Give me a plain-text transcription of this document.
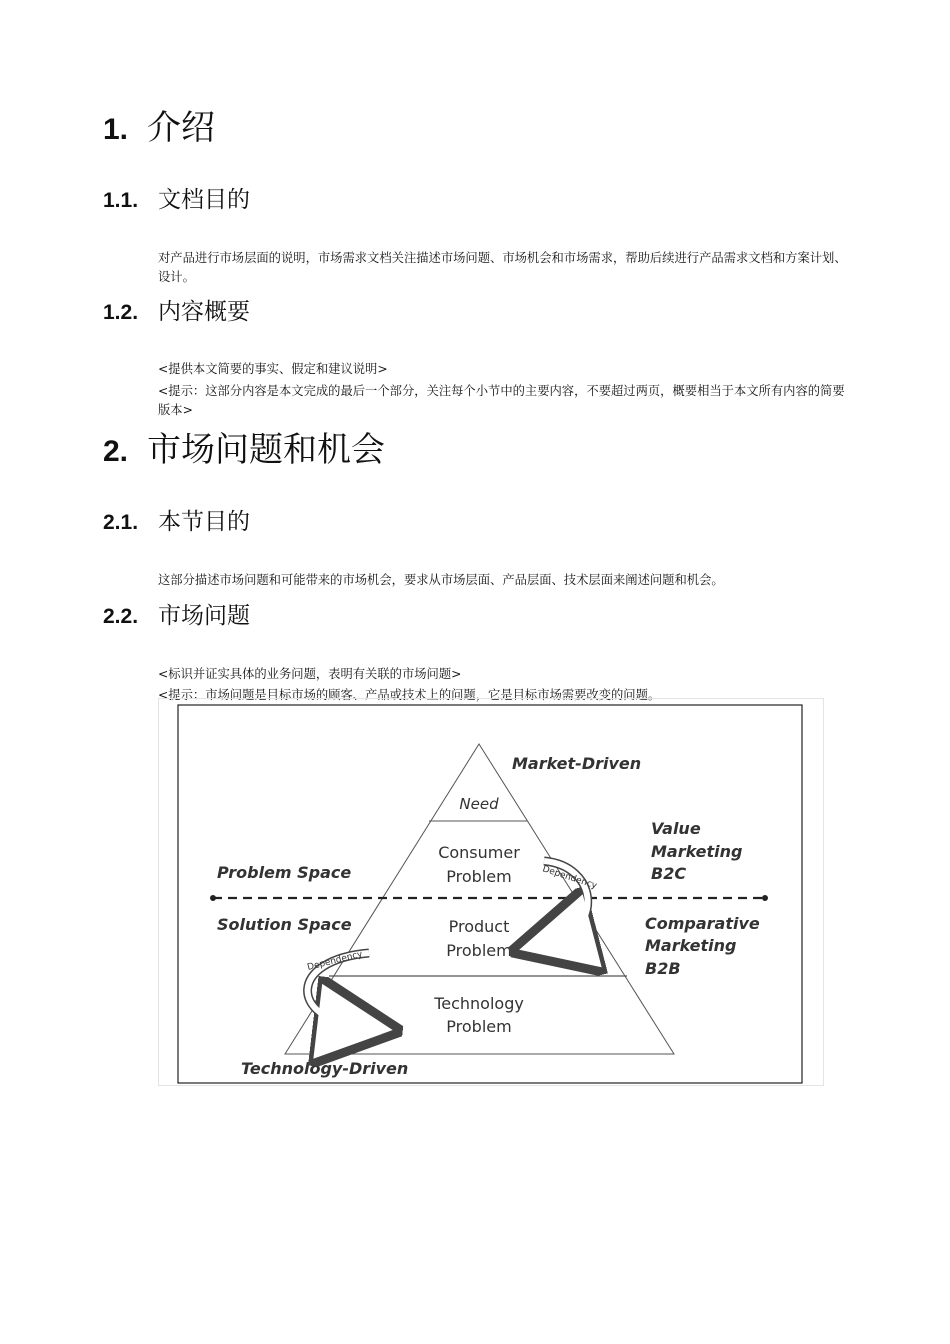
1. 介绍
1.1. 文档目的

对产品进行市场层面的说明，市场需求文档关注描述市场问题、市场机会和市场需求，帮助后续进行产品需求文档和方案计划、设计。

1.2. 内容概要

<提供本文简要的事实、假定和建议说明>

<提示：这部分内容是本文完成的最后一个部分，关注每个小节中的主要内容，不要超过两页，概要相当于本文所有内容的简要版本>

2. 市场问题和机会
2.1. 本节目的

这部分描述市场问题和可能带来的市场机会，要求从市场层面、产品层面、技术层面来阐述问题和机会。

2.2. 市场问题

<标识并证实具体的业务问题，表明有关联的市场问题>

<提示：市场问题是目标市场的顾客、产品或技术上的问题，它是目标市场需要改变的问题。

Market-Driven
Technology-Driven
Need
Consumer
Problem
Product
Problem
Technology
Problem
Problem Space
Solution Space
Value
Marketing
B2C
Comparative
Marketing
B2B
Dependency
Dependency
